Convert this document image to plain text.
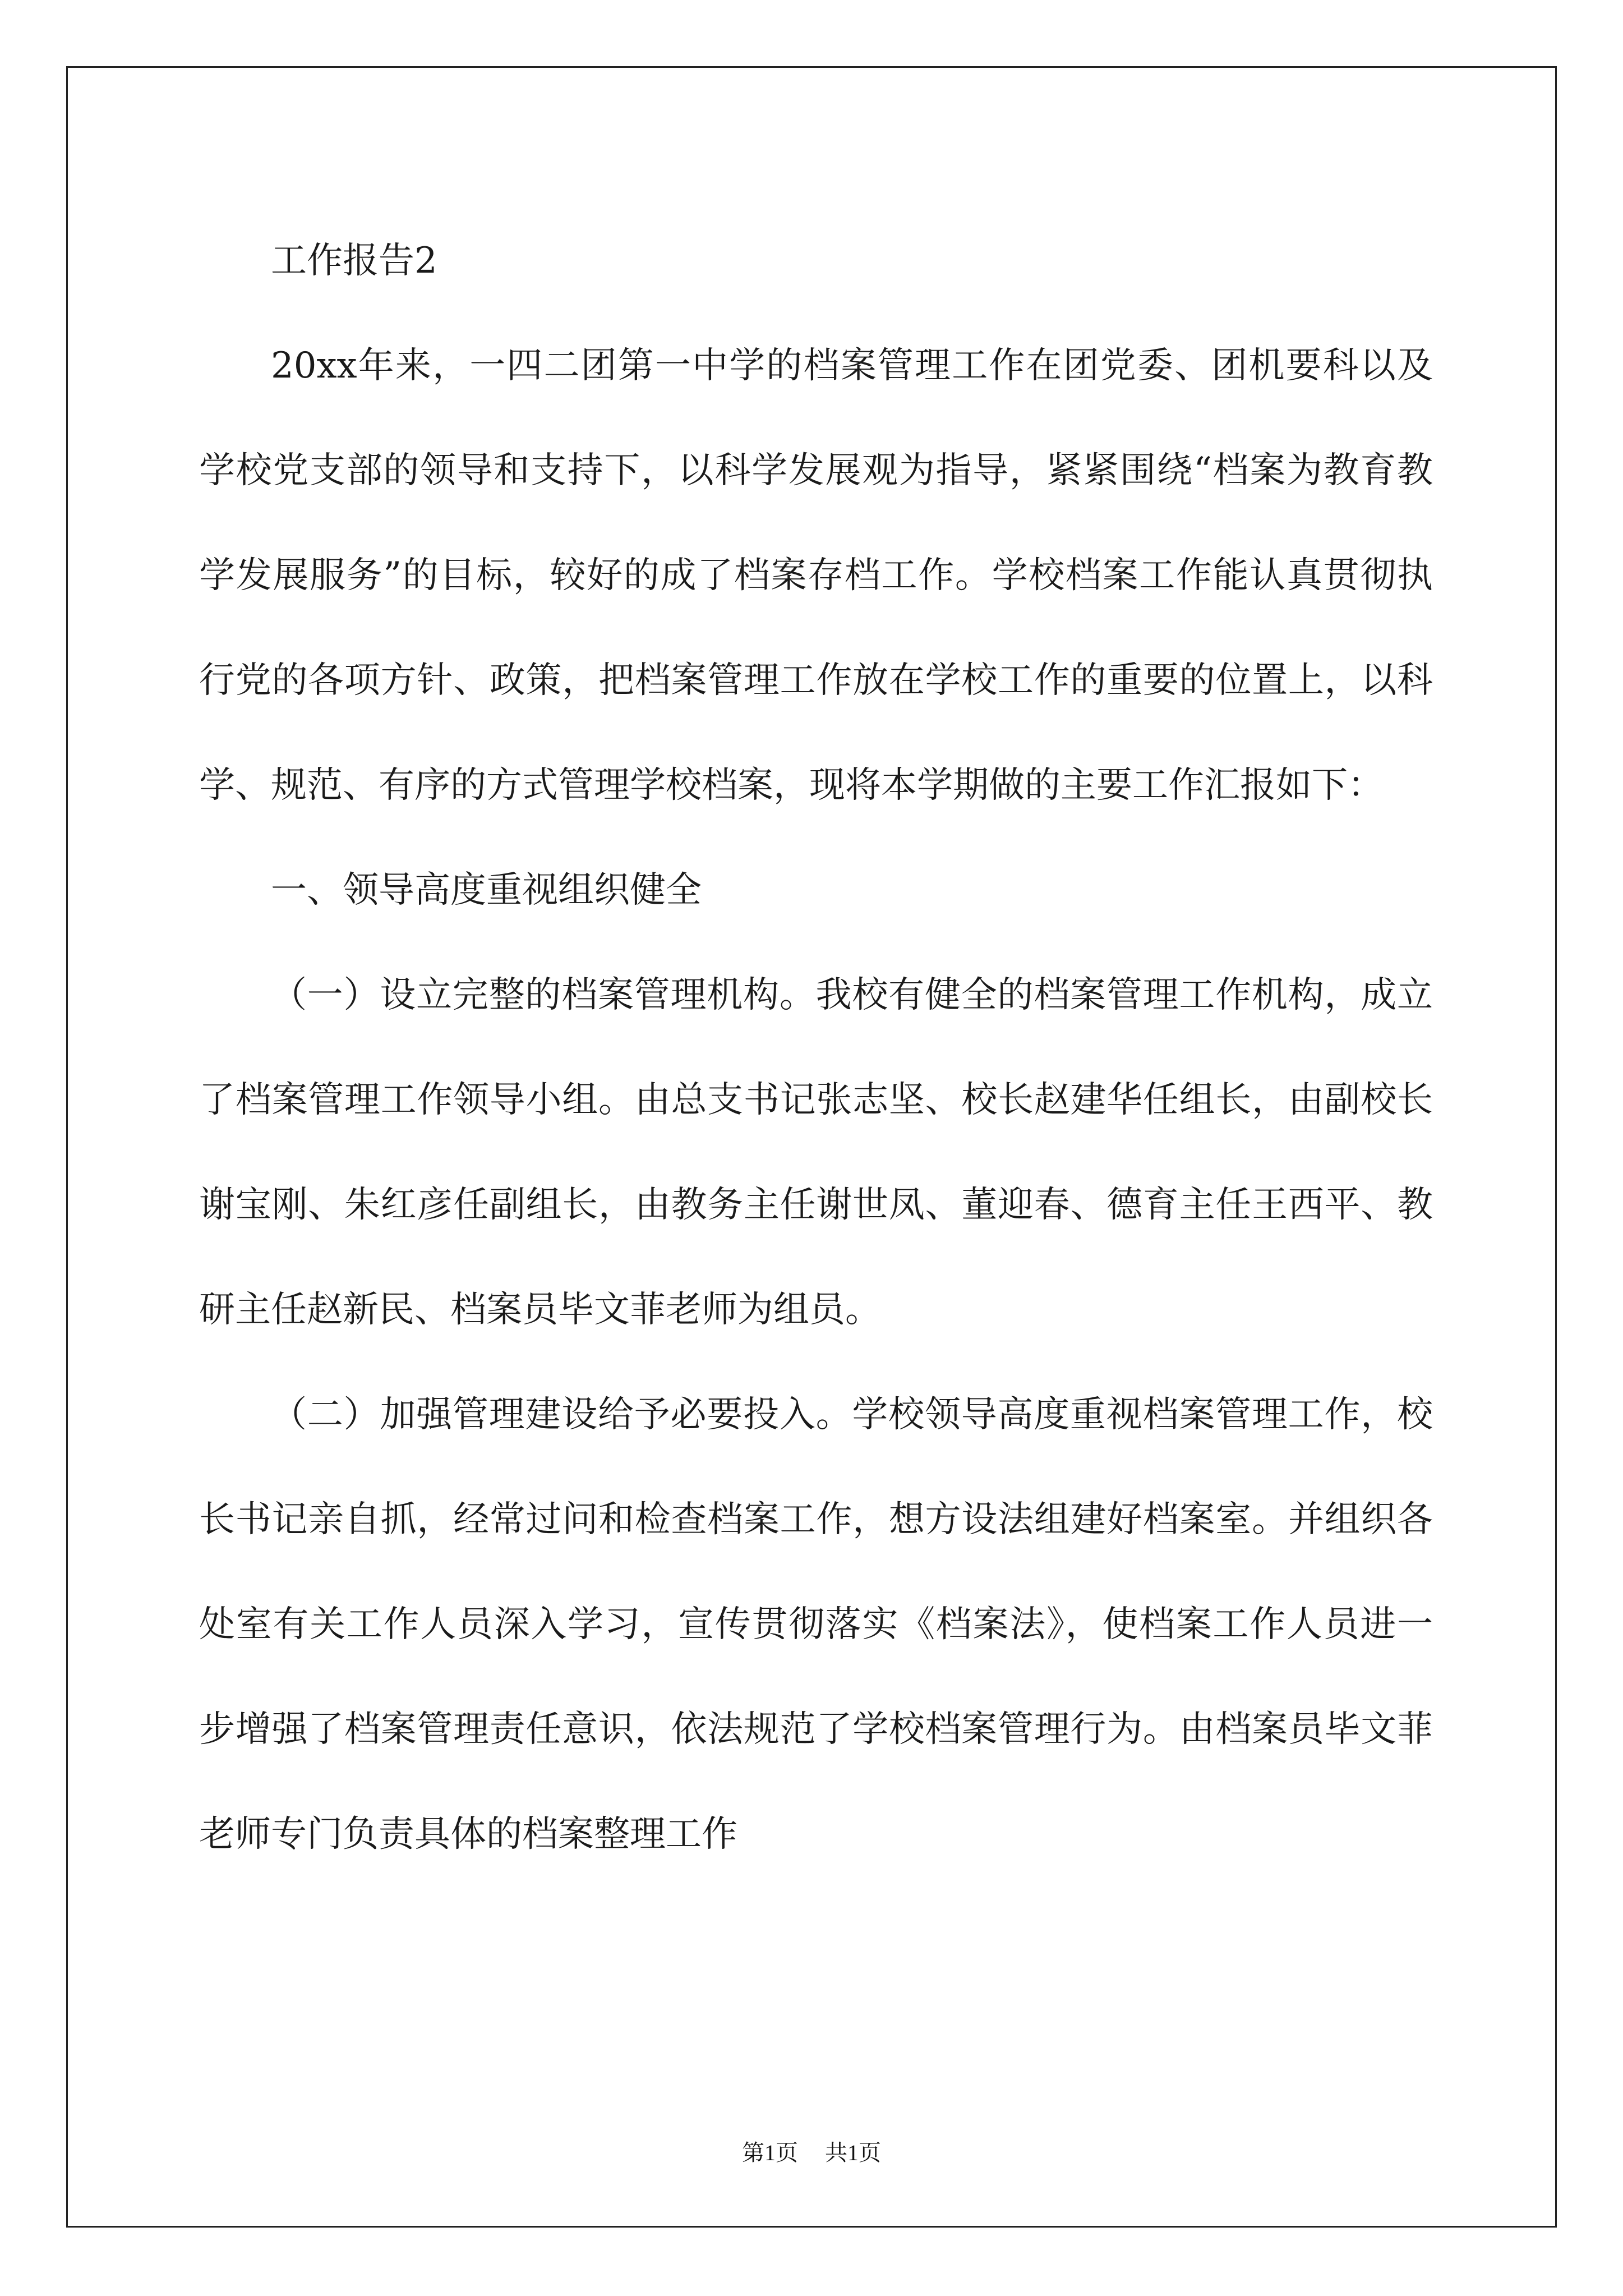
工作报告2

20xx年来，一四二团第一中学的档案管理工作在团党委、团机要科以及学校党支部的领导和支持下，以科学发展观为指导，紧紧围绕“档案为教育教学发展服务”的目标，较好的成了档案存档工作。学校档案工作能认真贯彻执行党的各项方针、政策，把档案管理工作放在学校工作的重要的位置上，以科学、规范、有序的方式管理学校档案，现将本学期做的主要工作汇报如下：

一、领导高度重视组织健全

（一）设立完整的档案管理机构。我校有健全的档案管理工作机构，成立了档案管理工作领导小组。由总支书记张志坚、校长赵建华任组长，由副校长谢宝刚、朱红彦任副组长，由教务主任谢世凤、董迎春、德育主任王西平、教研主任赵新民、档案员毕文菲老师为组员。

（二）加强管理建设给予必要投入。学校领导高度重视档案管理工作，校长书记亲自抓，经常过问和检查档案工作，想方设法组建好档案室。并组织各处室有关工作人员深入学习，宣传贯彻落实《档案法》，使档案工作人员进一步增强了档案管理责任意识，依法规范了学校档案管理行为。由档案员毕文菲老师专门负责具体的档案整理工作

第1页 共1页
